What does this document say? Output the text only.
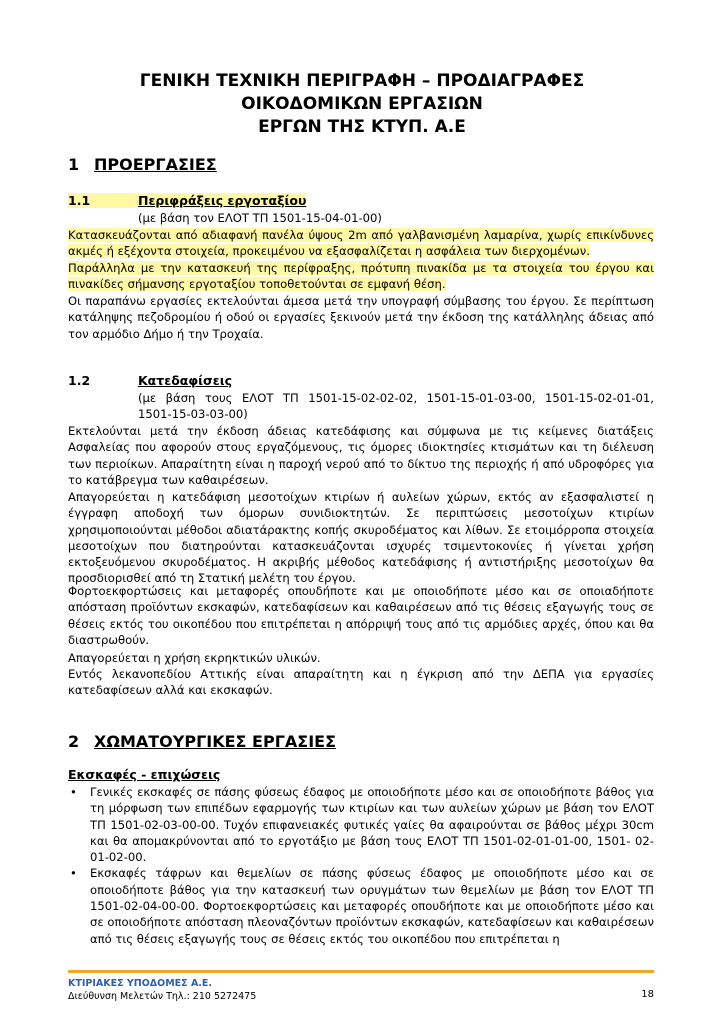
ΓΕΝΙΚΗ ΤΕΧΝΙΚΗ ΠΕΡΙΓΡΑΦΗ – ΠΡΟΔΙΑΓΡΑΦΕΣ
ΟΙΚΟΔΟΜΙΚΩΝ ΕΡΓΑΣΙΩΝ
ΕΡΓΩΝ ΤΗΣ ΚΤΥΠ. Α.Ε
1 ΠΡΟΕΡΓΑΣΙΕΣ
1.1	Περιφράξεις εργοταξίου
(με βάση τον ΕΛΟΤ ΤΠ 1501-15-04-01-00)
Κατασκευάζονται από αδιαφανή πανέλα ύψους 2m από γαλβανισμένη λαμαρίνα, χωρίς επικίνδυνες ακμές ή εξέχοντα στοιχεία, προκειμένου να εξασφαλίζεται η ασφάλεια των διερχομένων.
Παράλληλα με την κατασκευή της περίφραξης, πρότυπη πινακίδα με τα στοιχεία του έργου και πινακίδες σήμανσης εργοταξίου τοποθετούνται σε εμφανή θέση.
Οι παραπάνω εργασίες εκτελούνται άμεσα μετά την υπογραφή σύμβασης του έργου. Σε περίπτωση κατάληψης πεζοδρομίου ή οδού οι εργασίες ξεκινούν μετά την έκδοση της κατάλληλης άδειας από τον αρμόδιο Δήμο ή την Τροχαία.
1.2	Κατεδαφίσεις
(με βάση τους ΕΛΟΤ ΤΠ 1501-15-02-02-02, 1501-15-01-03-00, 1501-15-02-01-01,
1501-15-03-03-00)
Εκτελούνται μετά την έκδοση άδειας κατεδάφισης και σύμφωνα με τις κείμενες διατάξεις Ασφαλείας που αφορούν στους εργαζόμενους, τις όμορες ιδιοκτησίες κτισμάτων και τη διέλευση των περιοίκων. Απαραίτητη είναι η παροχή νερού από το δίκτυο της περιοχής ή από υδροφόρες για το κατάβρεγμα των καθαιρέσεων.
Απαγορεύεται η κατεδάφιση μεσοτοίχων κτιρίων ή αυλείων χώρων, εκτός αν εξασφαλιστεί η έγγραφη αποδοχή των όμορων συνιδιοκτητών. Σε περιπτώσεις μεσοτοίχων κτιρίων χρησιμοποιούνται μέθοδοι αδιατάρακτης κοπής σκυροδέματος και λίθων. Σε ετοιμόρροπα στοιχεία μεσοτοίχων που διατηρούνται κατασκευάζονται ισχυρές τσιμεντοκονίες ή γίνεται χρήση εκτοξευόμενου σκυροδέματος. Η ακριβής μέθοδος κατεδάφισης ή αντιστήριξης μεσοτοίχων θα προσδιορισθεί από τη Στατική μελέτη του έργου.
Φορτοεκφορτώσεις και μεταφορές οπουδήποτε και με οποιοδήποτε μέσο και σε οποιαδήποτε απόσταση προϊόντων εκσκαφών, κατεδαφίσεων και καθαιρέσεων από τις θέσεις εξαγωγής τους σε θέσεις εκτός του οικοπέδου που επιτρέπεται η απόρριψή τους από τις αρμόδιες αρχές, όπου και θα διαστρωθούν.
Απαγορεύεται η χρήση εκρηκτικών υλικών.
Εντός λεκανοπεδίου Αττικής είναι απαραίτητη και η έγκριση από την ΔΕΠΑ για εργασίες κατεδαφίσεων αλλά και εκσκαφών.
2 ΧΩΜΑΤΟΥΡΓΙΚΕΣ ΕΡΓΑΣΙΕΣ
Εκσκαφές - επιχώσεις
• Γενικές εκσκαφές σε πάσης φύσεως έδαφος με οποιοδήποτε μέσο και σε οποιοδήποτε βάθος για τη μόρφωση των επιπέδων εφαρμογής των κτιρίων και των αυλείων χώρων με βάση τον ΕΛΟΤ ΤΠ 1501-02-03-00-00. Τυχόν επιφανειακές φυτικές γαίες θα αφαιρούνται σε βάθος μέχρι 30cm και θα απομακρύνονται από το εργοτάξιο με βάση τους ΕΛΟΤ ΤΠ 1501-02-01-01-00, 1501- 02-01-02-00.
• Εκσκαφές τάφρων και θεμελίων σε πάσης φύσεως έδαφος με οποιοδήποτε μέσο και σε οποιοδήποτε βάθος για την κατασκευή των ορυγμάτων των θεμελίων με βάση τον ΕΛΟΤ ΤΠ 1501-02-04-00-00. Φορτοεκφορτώσεις και μεταφορές οπουδήποτε και με οποιοδήποτε μέσο και σε οποιοδήποτε απόσταση πλεοναζόντων προϊόντων εκσκαφών, κατεδαφίσεων και καθαιρέσεων από τις θέσεις εξαγωγής τους σε θέσεις εκτός του οικοπέδου που επιτρέπεται η
ΚΤΙΡΙΑΚΕΣ ΥΠΟΔΟΜΕΣ Α.Ε.
Διεύθυνση Μελετών Τηλ.: 210 5272475	18
